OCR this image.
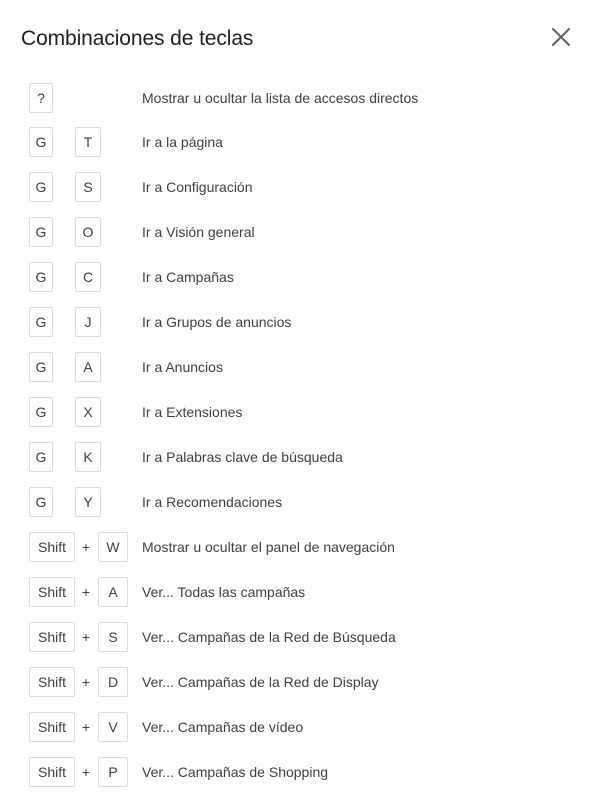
Combinaciones de teclas
?	Mostrar u ocultar la lista de accesos directos
G	T	Ir a la página
G	S	Ir a Configuración
G	O	Ir a Visión general
G	C	Ir a Campañas
G	J	Ir a Grupos de anuncios
G	A	Ir a Anuncios
G	X	Ir a Extensiones
G	K	Ir a Palabras clave de búsqueda
G	Y	Ir a Recomendaciones
Shift	+	W	Mostrar u ocultar el panel de navegación
Shift	+	A	Ver... Todas las campañas
Shift	+	S	Ver... Campañas de la Red de Búsqueda
Shift	+	D	Ver... Campañas de la Red de Display
Shift	+	V	Ver... Campañas de vídeo
Shift	+	P	Ver... Campañas de Shopping
